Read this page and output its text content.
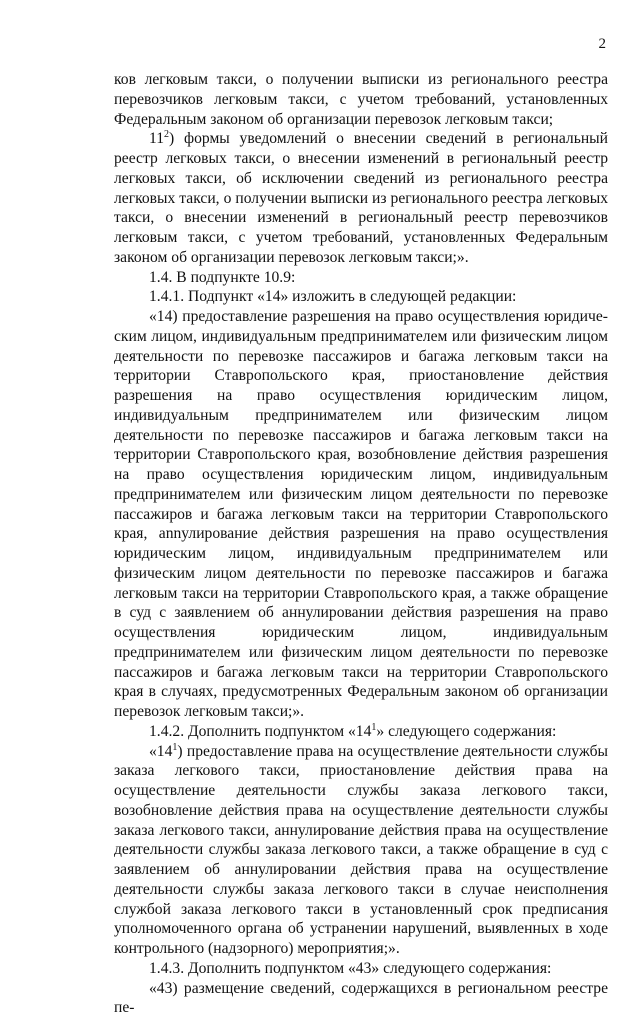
2

ков легковым такси, о получении выписки из регионального реестра перевозчиков легковым такси, с учетом требований, установленных Федеральным законом об организации перевозок легковым такси;

$11^2$) формы уведомлений о внесении сведений в региональный реестр легковых такси, о внесении изменений в региональный реестр легковых такси, об исключении сведений из регионального реестра легковых такси, о получении выписки из регионального реестра легковых такси, о внесении изменений в региональный реестр перевозчиков легковым такси, с учетом требований, установленных Федеральным законом об организации перевозок легковым такси;».

1.4. В подпункте 10.9:

1.4.1. Подпункт «14» изложить в следующей редакции:

«14) предоставление разрешения на право осуществления юридическим лицом, индивидуальным предпринимателем или физическим лицом деятельности по перевозке пассажиров и багажа легковым такси на территории Ставропольского края, приостановление действия разрешения на право осуществления юридическим лицом, индивидуальным предпринимателем или физическим лицом деятельности по перевозке пассажиров и багажа легковым такси на территории Ставропольского края, возобновление действия разрешения на право осуществления юридическим лицом, индивидуальным предпринимателем или физическим лицом деятельности по перевозке пассажиров и багажа легковым такси на территории Ставропольского края, annулирование действия разрешения на право осуществления юридическим лицом, индивидуальным предпринимателем или физическим лицом деятельности по перевозке пассажиров и багажа легковым такси на территории Ставропольского края, а также обращение в суд с заявлением об аннулировании действия разрешения на право осуществления юридическим лицом, индивидуальным предпринимателем или физическим лицом деятельности по перевозке пассажиров и багажа легковым такси на территории Ставропольского края в случаях, предусмотренных Федеральным законом об организации перевозок легковым такси;».

1.4.2. Дополнить подпунктом «$14^1$» следующего содержания:

«$14^1$) предоставление права на осуществление деятельности службы заказа легкового такси, приостановление действия права на осуществление деятельности службы заказа легкового такси, возобновление действия права на осуществление деятельности службы заказа легкового такси, аннулирование действия права на осуществление деятельности службы заказа легкового такси, а также обращение в суд с заявлением об аннулировании действия права на осуществление деятельности службы заказа легкового такси в случае неисполнения службой заказа легкового такси в установленный срок предписания уполномоченного органа об устранении нарушений, выявленных в ходе контрольного (надзорного) мероприятия;».

1.4.3. Дополнить подпунктом «43» следующего содержания:

«43) размещение сведений, содержащихся в региональном реестре пе-
